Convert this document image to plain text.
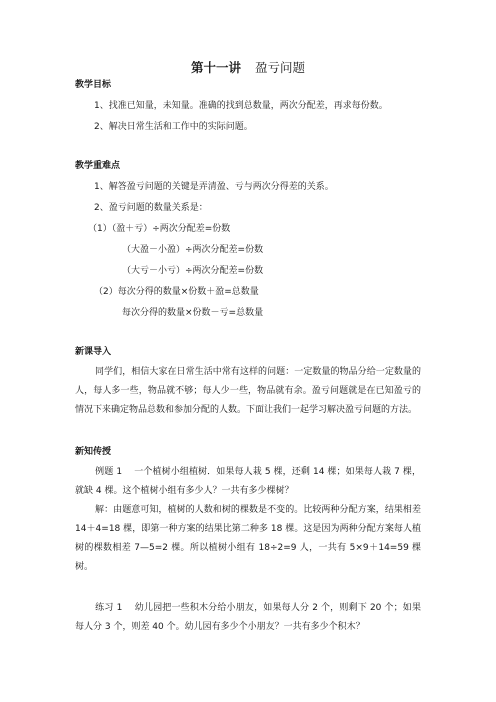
第十一讲 盈亏问题
教学目标
1、找准已知量，未知量。准确的找到总数量，两次分配差，再求每份数。
2、解决日常生活和工作中的实际问题。
教学重难点
1、解答盈亏问题的关键是弄清盈、亏与两次分得差的关系。
2、盈亏问题的数量关系是：
（1）（盈＋亏）÷两次分配差=份数
（大盈－小盈）÷两次分配差=份数
（大亏－小亏）÷两次分配差=份数
（2）每次分得的数量×份数＋盈=总数量
每次分得的数量×份数－亏=总数量
新课导入
同学们，相信大家在日常生活中常有这样的问题：一定数量的物品分给一定数量的人，每人多一些，物品就不够；每人少一些，物品就有余。盈亏问题就是在已知盈亏的情况下来确定物品总数和参加分配的人数。下面让我们一起学习解决盈亏问题的方法。
新知传授
例题 1　 一个植树小组植树．如果每人栽 5 棵，还剩 14 棵；如果每人栽 7 棵，就缺 4 棵。这个植树小组有多少人？一共有多少棵树？
解：由题意可知，植树的人数和树的棵数是不变的。比较两种分配方案，结果相差 14＋4=18 棵，即第一种方案的结果比第二种多 18 棵。这是因为两种分配方案每人植树的棵数相差 7—5=2 棵。所以植树小组有 18÷2=9 人，一共有 5×9＋14=59 棵树。
练习 1　 幼儿园把一些积木分给小朋友，如果每人分 2 个，则剩下 20 个；如果每人分 3 个，则差 40 个。幼儿园有多少个小朋友？一共有多少个积木？
